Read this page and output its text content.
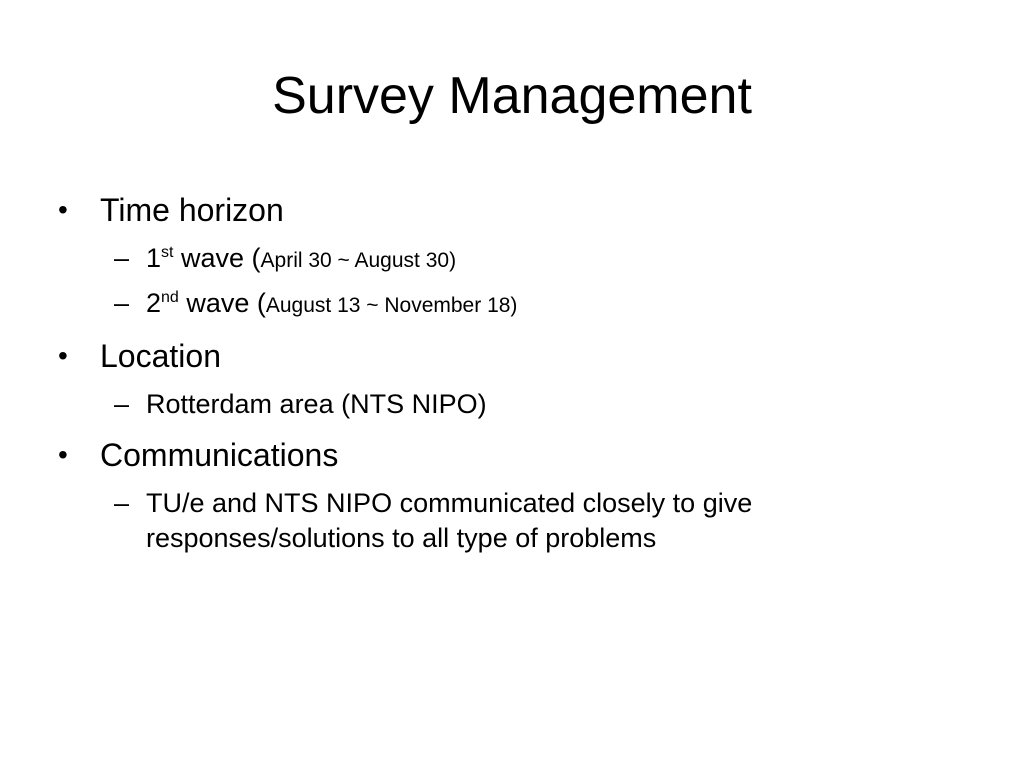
Survey Management

• Time horizon

– 1st wave (April 30 ~ August 30)

– 2nd wave (August 13 ~ November 18)

• Location

– Rotterdam area (NTS NIPO)

• Communications

– TU/e and NTS NIPO communicated closely to give responses/solutions to all type of problems
